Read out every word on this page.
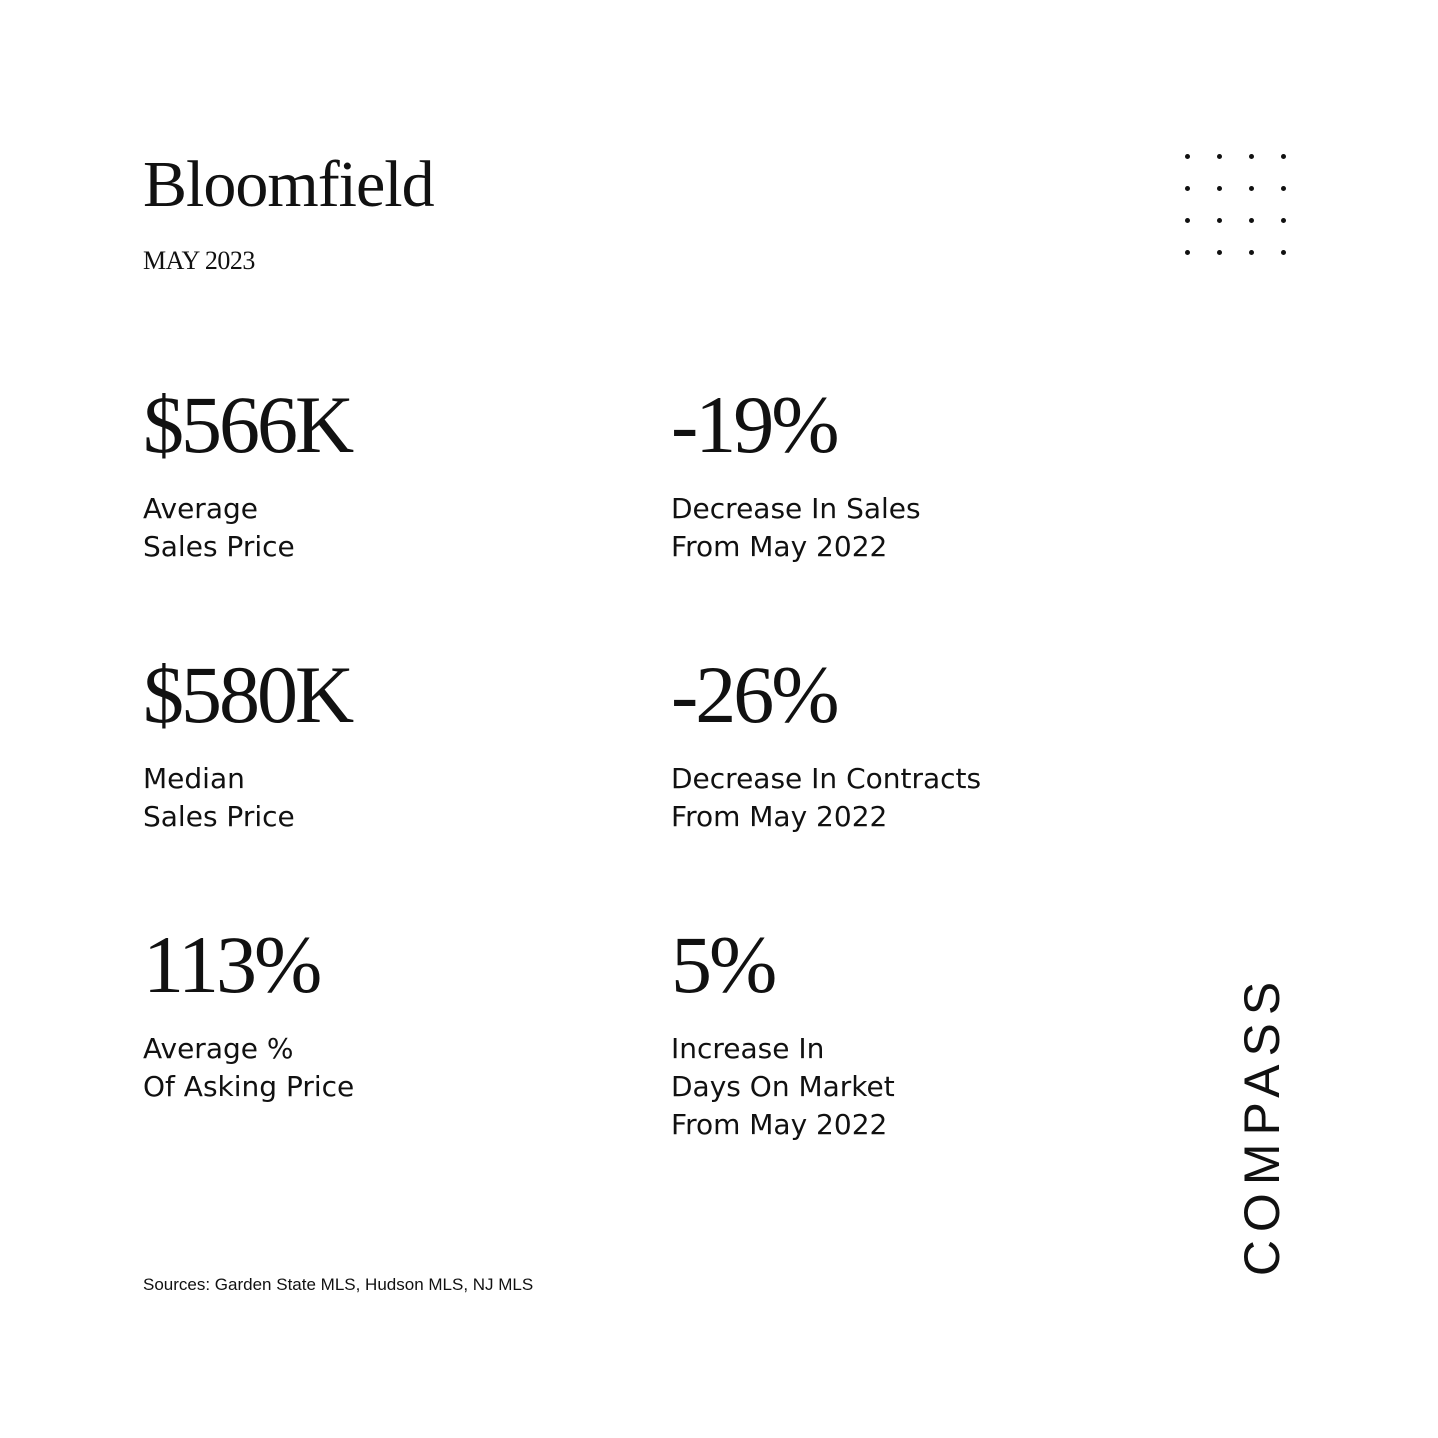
Bloomfield
MAY 2023
$566K
Average
Sales Price
-19%
Decrease In Sales
From May 2022
$580K
Median
Sales Price
-26%
Decrease In Contracts
From May 2022
113%
Average %
Of Asking Price
5%
Increase In
Days On Market
From May 2022
Sources: Garden State MLS, Hudson MLS, NJ MLS
COMPASS
